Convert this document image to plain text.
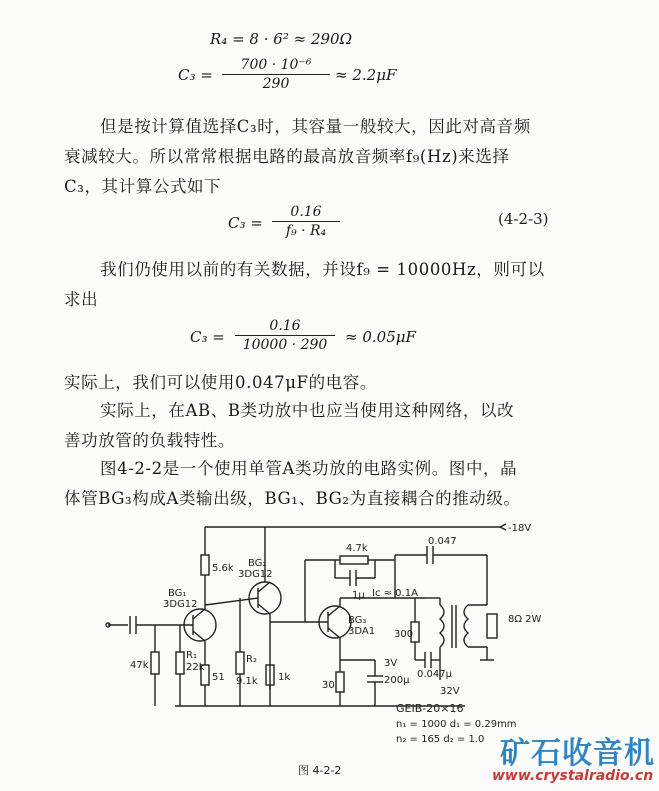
R₄ = 8 · 6² ≈ 290Ω
$C_3 = \frac{\text{700 · 10⁻⁶}}{290} \approx 2.2\mu F$
但是按计算值选择C₃时，其容量一般较大，因此对高音频
衰减较大。所以常常根据电路的最高放音频率f₉(Hz)来选择
C₃，其计算公式如下
$C_3 = \frac{0.16}{\text{f₉ · R₄}}$	(4-2-3)
我们仍使用以前的有关数据，并设f₉ = 10000Hz，则可以
求出
$C_3 = \frac{0.16}{10000 \cdot 290} \approx 0.05\mu F$
实际上，我们可以使用0.047μF的电容。
实际上，在AB、B类功放中也应当使用这种网络，以改
善功放管的负载特性。
图4-2-2是一个使用单管A类功放的电路实例。图中，晶
体管BG₃构成A类输出级，BG₁、BG₂为直接耦合的推动级。
-18V
5.6k BG₂
3DG12
BG₁
3DG12
47k
R₁
22k
51
R₂
9.1k 1k
BG₃
3DA1
4.7k
1μ
0.047
Iᴄ ≈ 0.1A
300
0.047μ
32V
8Ω 2W
30
3V
200μ
GEIB-20×16
n₁ = 1000 d₁ = 0.29mm
n₂ = 165 d₂ = 1.0
图 4-2-2	矿石收音机
www.crystalradio.cn
